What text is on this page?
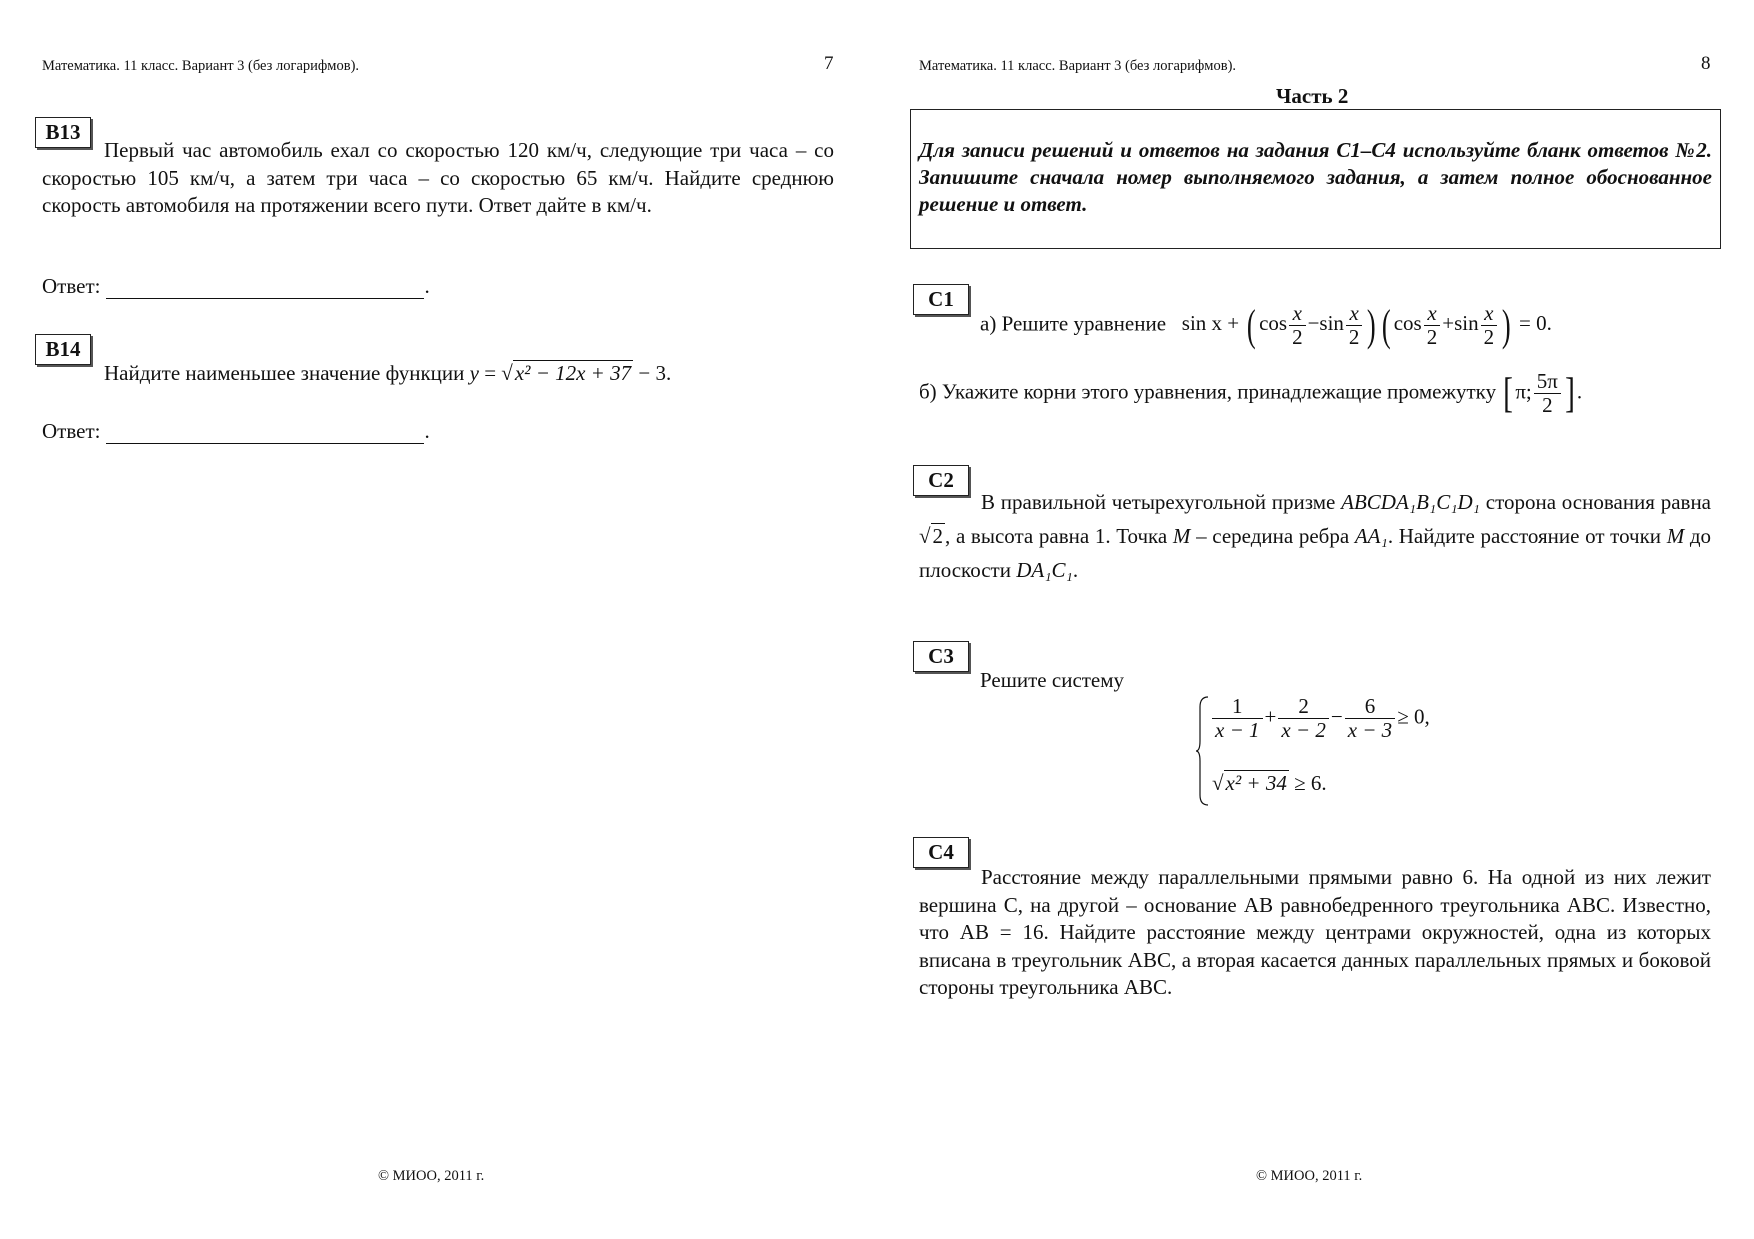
Математика. 11 класс. Вариант 3 (без логарифмов).	7
B13
Первый час автомобиль ехал со скоростью 120 км/ч, следующие три часа – со скоростью 105 км/ч, а затем три часа – со скоростью 65 км/ч. Найдите среднюю скорость автомобиля на протяжении всего пути. Ответ дайте в км/ч.
Ответ:	.
B14
Найдите наименьшее значение функции y = √x² − 12x + 37 − 3.
Ответ:	.
© МИОО, 2011 г.
Математика. 11 класс. Вариант 3 (без логарифмов).	8
Часть 2
Для записи решений и ответов на задания С1–С4 используйте бланк ответов №2. Запишите сначала номер выполняемого задания, а затем полное обоснованное решение и ответ.
C1
а) Решите уравнение sin x + ( $\cos \frac{x}{2} -\sin \frac{x}{2}$ ) ( $\cos \frac{x}{2} +\sin \frac{x}{2}$ ) = 0.
б) Укажите корни этого уравнения, принадлежащие промежутку [ π; $\frac{5\pi}{2}$ ] .
C2
В правильной четырехугольной призме ABCDA₁B₁C₁D₁ сторона основания равна √2, а высота равна 1. Точка M – середина ребра AA₁. Найдите расстояние от точки M до плоскости DA₁C₁.
C3
Решите систему
$\frac{1}{x - 1} + \frac{2}{x - 2} - \frac{6}{x - 3} \ge 0$,
√x² + 34 ≥ 6.
C4
Расстояние между параллельными прямыми равно 6. На одной из них лежит вершина C, на другой – основание AB равнобедренного треугольника ABC. Известно, что AB = 16. Найдите расстояние между центрами окружностей, одна из которых вписана в треугольник ABC, а вторая касается данных параллельных прямых и боковой стороны треугольника ABC.
© МИОО, 2011 г.
